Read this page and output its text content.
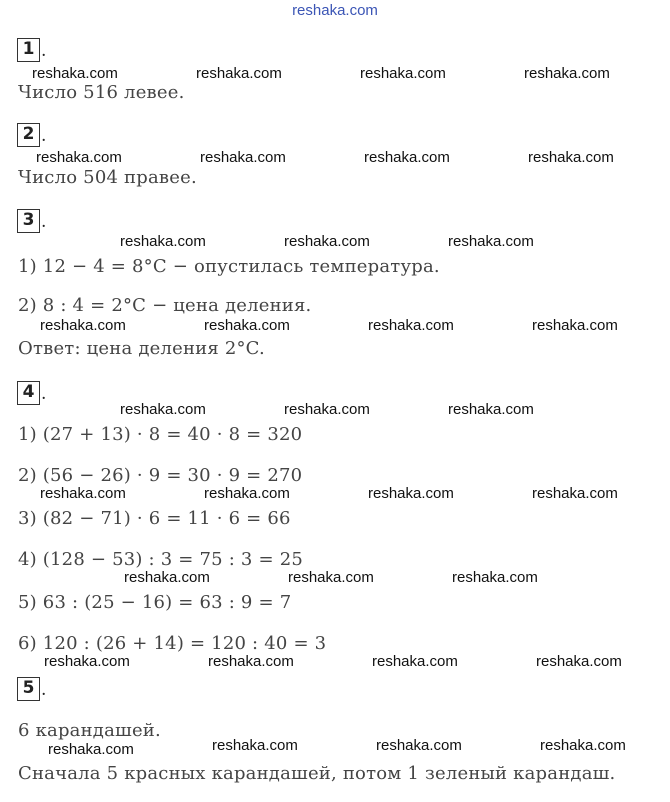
reshaka.com
1 .
Число 516 левее.
2 .
Число 504 правее.
3 .
1) 12 − 4 = 8°C − опустилась температура.
2) 8 : 4 = 2°C − цена деления.
Ответ: цена деления 2°C.
4 .
1) (27 + 13) · 8 = 40 · 8 = 320
2) (56 − 26) · 9 = 30 · 9 = 270
3) (82 − 71) · 6 = 11 · 6 = 66
4) (128 − 53) : 3 = 75 : 3 = 25
5) 63 : (25 − 16) = 63 : 9 = 7
6) 120 : (26 + 14) = 120 : 40 = 3
5 .
6 карандашей.
Сначала 5 красных карандашей, потом 1 зеленый карандаш.
reshaka.com	reshaka.com	reshaka.com	reshaka.com
reshaka.com	reshaka.com	reshaka.com	reshaka.com
reshaka.com	reshaka.com	reshaka.com
reshaka.com	reshaka.com	reshaka.com	reshaka.com
reshaka.com	reshaka.com	reshaka.com
reshaka.com	reshaka.com	reshaka.com	reshaka.com
reshaka.com	reshaka.com	reshaka.com
reshaka.com	reshaka.com	reshaka.com	reshaka.com
reshaka.com	reshaka.com	reshaka.com	reshaka.com
